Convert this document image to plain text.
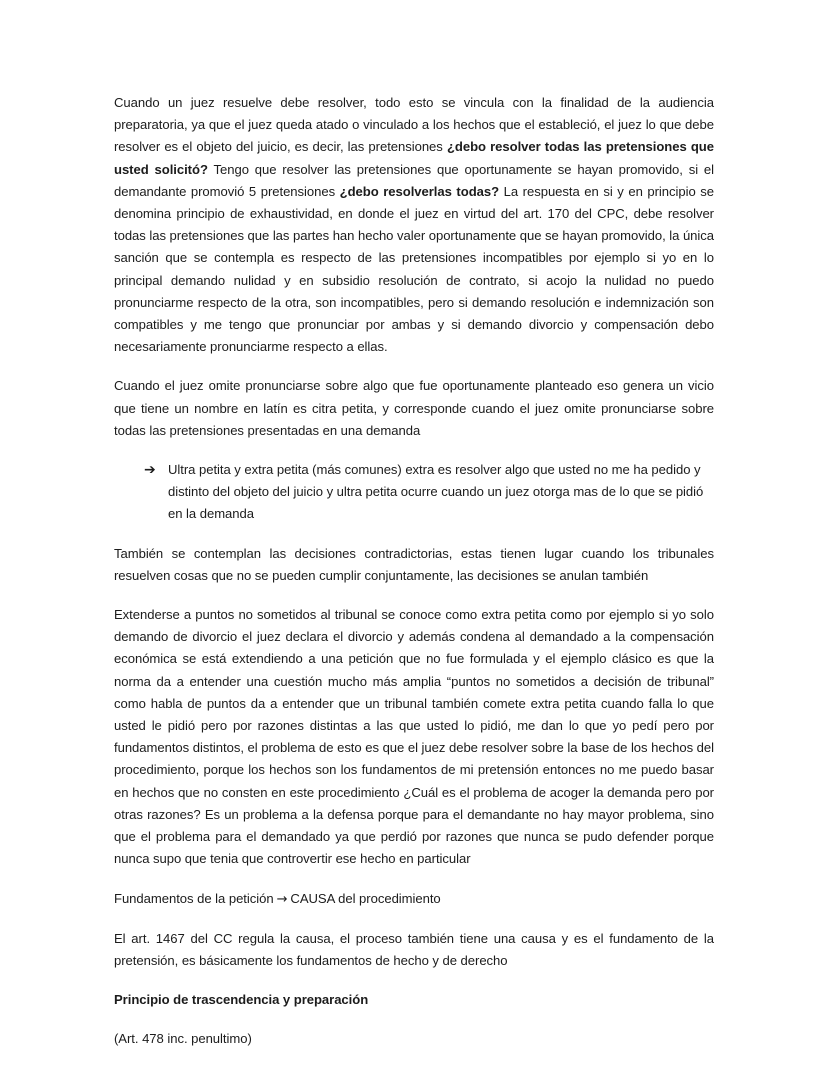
Cuando un juez resuelve debe resolver, todo esto se vincula con la finalidad de la audiencia preparatoria, ya que el juez queda atado o vinculado a los hechos que el estableció, el juez lo que debe resolver es el objeto del juicio, es decir, las pretensiones ¿debo resolver todas las pretensiones que usted solicitó? Tengo que resolver las pretensiones que oportunamente se hayan promovido, si el demandante promovió 5 pretensiones ¿debo resolverlas todas? La respuesta en si y en principio se denomina principio de exhaustividad, en donde el juez en virtud del art. 170 del CPC, debe resolver todas las pretensiones que las partes han hecho valer oportunamente que se hayan promovido, la única sanción que se contempla es respecto de las pretensiones incompatibles por ejemplo si yo en lo principal demando nulidad y en subsidio resolución de contrato, si acojo la nulidad no puedo pronunciarme respecto de la otra, son incompatibles, pero si demando resolución e indemnización son compatibles y me tengo que pronunciar por ambas y si demando divorcio y compensación debo necesariamente pronunciarme respecto a ellas.

Cuando el juez omite pronunciarse sobre algo que fue oportunamente planteado eso genera un vicio que tiene un nombre en latín es citra petita, y corresponde cuando el juez omite pronunciarse sobre todas las pretensiones presentadas en una demanda

➔ Ultra petita y extra petita (más comunes) extra es resolver algo que usted no me ha pedido y distinto del objeto del juicio y ultra petita ocurre cuando un juez otorga mas de lo que se pidió en la demanda

También se contemplan las decisiones contradictorias, estas tienen lugar cuando los tribunales resuelven cosas que no se pueden cumplir conjuntamente, las decisiones se anulan también

Extenderse a puntos no sometidos al tribunal se conoce como extra petita como por ejemplo si yo solo demando de divorcio el juez declara el divorcio y además condena al demandado a la compensación económica se está extendiendo a una petición que no fue formulada y el ejemplo clásico es que la norma da a entender una cuestión mucho más amplia “puntos no sometidos a decisión de tribunal” como habla de puntos da a entender que un tribunal también comete extra petita cuando falla lo que usted le pidió pero por razones distintas a las que usted lo pidió, me dan lo que yo pedí pero por fundamentos distintos, el problema de esto es que el juez debe resolver sobre la base de los hechos del procedimiento, porque los hechos son los fundamentos de mi pretensión entonces no me puedo basar en hechos que no consten en este procedimiento ¿Cuál es el problema de acoger la demanda pero por otras razones? Es un problema a la defensa porque para el demandante no hay mayor problema, sino que el problema para el demandado ya que perdió por razones que nunca se pudo defender porque nunca supo que tenia que controvertir ese hecho en particular

Fundamentos de la petición → CAUSA del procedimiento

El art. 1467 del CC regula la causa, el proceso también tiene una causa y es el fundamento de la pretensión, es básicamente los fundamentos de hecho y de derecho

Principio de trascendencia y preparación

(Art. 478 inc. penultimo)
